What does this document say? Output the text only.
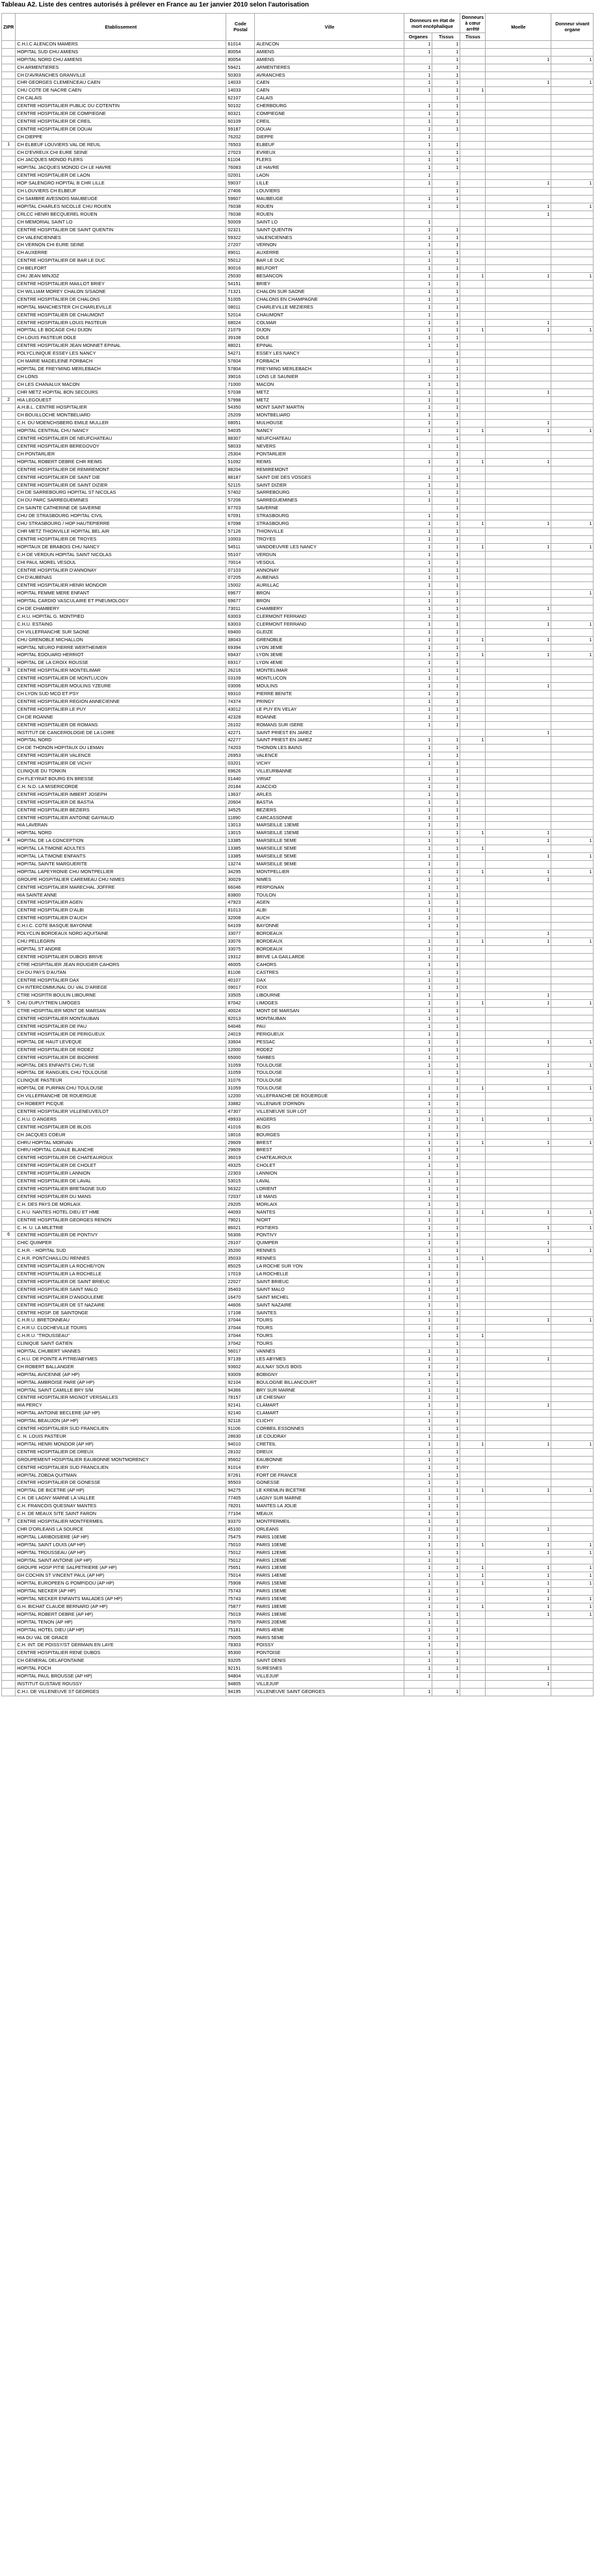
Tableau A2. Liste des centres autorisés à prélever en France au 1er janvier 2010 selon l'autorisation
ZIPR	Etablissement	Code Postal	Ville	Donneurs en état de mort encéphalique		Donneurs à cœur arrêté	Moelle	Donneur vivant organe
				Organes	Tissus	Tissus		
	C.H.I.C ALENCON MAMERS	61014	ALENCON	1	1			
	HOPITAL SUD CHU AMIENS	80054	AMIENS	1	1			
	HOPITAL NORD CHU AMIENS	80054	AMIENS		1		1	1
	CH ARMENTIERES	59421	ARMENTIERES	1	1			
	CH D'AVRANCHES GRANVILLE	50303	AVRANCHES	1	1			
	CHR GEORGES CLEMENCEAU CAEN	14033	CAEN	1	1		1	1
	CHU COTE DE NACRE CAEN	14033	CAEN	1	1	1		
	CH CALAIS	62107	CALAIS		1			
	CENTRE HOSPITALIER PUBLIC DU COTENTIN	50102	CHERBOURG	1	1			
	CENTRE HOSPITALIER DE COMPIEGNE	60321	COMPIEGNE	1	1			
	CENTRE HOSPITALIER DE CREIL	60109	CREIL	1	1			
	CENTRE HOSPITALIER DE DOUAI	59187	DOUAI	1	1			
	CH DIEPPE	76202	DIEPPE	1				
1	CH ELBEUF LOUVIERS VAL DE REUIL	76503	ELBEUF	1	1			
	CH D'EVREUX CHI EURE SEINE	27023	EVREUX	1	1			
	CH JACQUES MONOD FLERS	61104	FLERS	1	1			
	HOPITAL JACQUES MONOD CH LE HAVRE	76083	LE HAVRE	1	1			
	CENTRE HOSPITALIER DE LAON	02001	LAON	1				
	HOP SALENGRO HOPITAL B CHR LILLE	59037	LILLE	1	1		1	1
	CH LOUVIERS CH ELBEUF	27406	LOUVIERS		1			
	CH SAMBRE AVESNOIS MAUBEUGE	59607	MAUBEUGE	1	1			
	HOPITAL CHARLES NICOLLE CHU ROUEN	76038	ROUEN	1	1		1	1
	CRLCC HENRI BECQUEREL ROUEN	76038	ROUEN				1	
	CH MEMORIAL SAINT LO	50009	SAINT LO	1				
	CENTRE HOSPITALIER DE SAINT QUENTIN	02321	SAINT QUENTIN	1	1			
	CH VALENCIENNES	59322	VALENCIENNES	1	1			
	CH VERNON CHI EURE SEINE	27207	VERNON	1	1			
	CH AUXERRE	89011	AUXERRE	1	1			
	CENTRE HOSPITALIER DE BAR LE DUC	55012	BAR LE DUC	1	1			
	CH BELFORT	90016	BELFORT	1	1			
	CHU JEAN MINJOZ	25030	BESANCON	1	1	1	1	1
	CENTRE HOSPITALIER MAILLOT BRIEY	54151	BRIEY	1	1			
	CH WILLIAM MOREY CHALON S/SAONE	71321	CHALON SUR SAONE	1	1			
	CENTRE HOSPITALIER DE CHALONS	51005	CHALONS EN CHAMPAGNE	1	1			
	HOPITAL MANCHESTER CH CHARLEVILLE	08011	CHARLEVILLE MEZIERES	1	1			
	CENTRE HOSPITALIER DE CHAUMONT	52014	CHAUMONT	1	1			
	CENTRE HOSPITALIER LOUIS PASTEUR	68024	COLMAR	1	1		1	
	HOPITAL LE BOCAGE CHU DIJON	21079	DIJON	1	1	1	1	1
	CH LOUIS PASTEUR DOLE	39108	DOLE	1	1			
	CENTRE HOSPITALIER JEAN MONNET EPINAL	88021	EPINAL	1	1			
	POLYCLINIQUE ESSEY LES NANCY	54271	ESSEY LES NANCY		1			
	CH MARIE MADELEINE FORBACH	57604	FORBACH	1	1			
	HOPITAL DE FREYMING MERLEBACH	57804	FREYMING MERLEBACH		1			
	CH LONS	39016	LONS LE SAUNIER	1	1			
	CH LES CHANALUX MACON	71000	MACON	1	1			
	CHR METZ HOPITAL BON SECOURS	57038	METZ	1	1		1	
2	HIA LEGOUEST	57998	METZ	1	1			
	A.H.B.L. CENTRE HOSPITALIER	54350	MONT SAINT MARTIN	1	1			
	CH BOUILLOCHE MONTBELIARD	25209	MONTBELIARD	1	1			
	C.H. DU MOENCHSBERG EMILE MULLER	68051	MULHOUSE	1	1		1	
	HOPITAL CENTRAL CHU NANCY	54035	NANCY	1	1	1	1	1
	CENTRE HOSPITALIER DE NEUFCHATEAU	88307	NEUFCHATEAU		1			
	CENTRE HOSPITALIER BEREGOVOY	58033	NEVERS	1	1			
	CH PONTARLIER	25304	PONTARLIER		1			
	HOPITAL ROBERT DEBRE CHR REIMS	51092	REIMS	1	1	1	1	
	CENTRE HOSPITALIER DE REMIREMONT	88204	REMIREMONT		1			
	CENTRE HOSPITALIER DE SAINT DIE	88187	SAINT DIE DES VOSGES	1	1			
	CENTRE HOSPITALIER DE SAINT DIZIER	52115	SAINT DIZIER	1	1			
	CH DE SARREBOURG HOPITAL ST NICOLAS	57402	SARREBOURG	1	1			
	CH DU PARC SARREGUEMINES	57206	SARREGUEMINES	1	1			
	CH SAINTE CATHERINE DE SAVERNE	67703	SAVERNE		1			
	CHU DE STRASBOURG HOPITAL CIVIL	67091	STRASBOURG	1	1			
	CHU STRASBOURG / HOP HAUTEPIERRE	67098	STRASBOURG	1	1	1	1	1
	CHR METZ THIONVILLE HOPITAL BEL AIR	57126	THIONVILLE	1	1			
	CENTRE HOSPITALIER DE TROYES	10003	TROYES	1	1			
	HOPITAUX DE BRABOIS CHU NANCY	54511	VANDOEUVRE LES NANCY	1	1	1	1	1
	C.H DE VERDUN HOPITAL SAINT NICOLAS	55107	VERDUN	1	1			
	CHI PAUL MOREL VESOUL	70014	VESOUL	1	1			
	CENTRE HOSPITALIER D'ANNONAY	07103	ANNONAY	1	1			
	CH D'AUBENAS	07205	AUBENAS	1	1			
	CENTRE HOSPITALIER HENRI MONDOR	15002	AURILLAC	1	1			
	HOPITAL FEMME MERE ENFANT	69677	BRON	1	1			1
	HOPITAL CARDIO VASCULAIRE ET PNEUMOLOGY	69677	BRON	1	1			
	CH DE CHAMBERY	73011	CHAMBERY	1	1		1	
	C.H.U. HOPITAL G. MONTPIED	63003	CLERMONT FERRAND	1	1			
	C.H.U. ESTAING	63003	CLERMONT FERRAND	1	1		1	1
	CH VILLEFRANCHE SUR SAONE	69400	GLEIZE	1	1			
	CHU GRENOBLE MICHALLON	38043	GRENOBLE	1	1	1	1	1
	HOPITAL NEURO PIERRE WERTHEIMER	69394	LYON 3EME	1	1			
	HOPITAL EDOUARD HERRIOT	69437	LYON 3EME	1	1	1	1	1
	HOPITAL DE LA CROIX ROUSSE	69317	LYON 4EME	1	1			
3	CENTRE HOSPITALIER MONTELIMAR	26216	MONTELIMAR	1	1			
	CENTRE HOSPITALIER DE MONTLUCON	03109	MONTLUCON	1	1			
	CENTRE HOSPITALIER MOULINS YZEURE	03006	MOULINS	1	1		1	
	CH LYON SUD MCO ET PSY	69310	PIERRE BENITE	1	1			
	CENTRE HOSPITALIER REGION ANNECIENNE	74374	PRINGY	1	1			
	CENTRE HOSPITALIER LE PUY	43012	LE PUY EN VELAY	1	1			
	CH DE ROANNE	42328	ROANNE	1	1			
	CENTRE HOSPITALIER DE ROMANS	26102	ROMANS SUR ISERE	1	1			
	INSTITUT DE CANCEROLOGIE DE LA LOIRE	42271	SAINT PRIEST EN JAREZ				1	
	HOPITAL NORD	42277	SAINT PRIEST EN JAREZ	1	1	1		
	CH DE THONON HOPITAUX DU LEMAN	74203	THONON LES BAINS	1	1			
	CENTRE HOSPITALIER VALENCE	26953	VALENCE	1	1			
	CENTRE HOSPITALIER DE VICHY	03201	VICHY	1	1			
	CLINIQUE DU TONKIN	69626	VILLEURBANNE		1			
	CH FLEYRIAT BOURG EN BRESSE	01440	VIRIAT	1	1			
	C.H. N.D. LA MISERICORDE	20184	AJACCIO	1	1			
	CENTRE HOSPITALIER IMBERT JOSEPH	13637	ARLES	1	1			
	CENTRE HOSPITALIER DE BASTIA	20604	BASTIA	1	1			
	CENTRE HOSPITALIER BEZIERS	34525	BEZIERS	1	1			
	CENTRE HOSPITALIER ANTOINE GAYRAUD	11890	CARCASSONNE	1	1			
	HIA LAVERAN	13013	MARSEILLE 13EME	1	1			
	HOPITAL NORD	13015	MARSEILLE 15EME	1	1	1	1	
4	HOPITAL DE LA CONCEPTION	13385	MARSEILLE 5EME	1	1		1	1
	HOPITAL LA TIMONE ADULTES	13385	MARSEILLE 5EME	1	1	1		
	HOPITAL LA TIMONE ENFANTS	13385	MARSEILLE 5EME	1	1		1	1
	HOPITAL SAINTE MARGUERITE	13274	MARSEILLE 9EME	1	1			
	HOPITAL LAPEYRONIE CHU MONTPELLIER	34295	MONTPELLIER	1	1	1	1	1
	GROUPE HOSPITALIER CAREMEAU CHU NIMES	30029	NIMES	1	1		1	
	CENTRE HOSPITALIER MARECHAL JOFFRE	66046	PERPIGNAN	1	1			
	HIA SAINTE ANNE	83800	TOULON	1	1			
	CENTRE HOSPITALIER AGEN	47923	AGEN	1	1			
	CENTRE HOSPITALIER D'ALBI	81013	ALBI	1	1			
	CENTRE HOSPITALIER D'AUCH	32008	AUCH	1	1			
	C.H.I.C. COTE BASQUE BAYONNE	64109	BAYONNE	1	1			
	POLYCLIN BORDEAUX NORD AQUITAINE	33077	BORDEAUX		1		1	
	CHU PELLEGRIN	33076	BORDEAUX	1	1	1	1	1
	HOPITAL ST ANDRE	33075	BORDEAUX	1	1			
	CENTRE HOSPITALIER DUBOIS BRIVE	19312	BRIVE LA GAILLARDE	1	1			
	CTRE HOSPITALIER JEAN ROUGIER CAHORS	46005	CAHORS	1	1			
	CH DU PAYS D'AUTAN	81108	CASTRES	1	1			
	CENTRE HOSPITALIER DAX	40107	DAX	1	1			
	CH INTERCOMMUNAL DU VAL D'ARIEGE	09017	FOIX	1	1			
	CTRE HOSPITR BOULIN LIBOURNE	33505	LIBOURNE	1	1		1	
5	CHU DUPUYTREN LIMOGES	87042	LIMOGES	1	1	1	1	1
	CTRE HOSPITALIER MONT DE MARSAN	40024	MONT DE MARSAN	1	1			
	CENTRE HOSPITALIER MONTAUBAN	82013	MONTAUBAN	1	1			
	CENTRE HOSPITALIER DE PAU	64046	PAU	1	1			
	CENTRE HOSPITALIER DE PERIGUEUX	24019	PERIGUEUX	1	1			
	HOPITAL DE HAUT LEVEQUE	33604	PESSAC	1	1		1	1
	CENTRE HOSPITALIER DE RODEZ	12000	RODEZ	1	1			
	CENTRE HOSPITALIER DE BIGORRE	65000	TARBES	1	1			
	HOPITAL DES ENFANTS CHU TLSE	31059	TOULOUSE	1	1		1	1
	HOPITAL DE RANGUEIL CHU TOULOUSE	31059	TOULOUSE	1	1		1	
	CLINIQUE PASTEUR	31076	TOULOUSE		1			
	HOPITAL DE PURPAN CHU TOULOUSE	31059	TOULOUSE	1	1	1	1	1
	CH VILLEFRANCHE DE ROUERGUE	12200	VILLEFRANCHE DE ROUERGUE	1	1			
	CH ROBERT PICQUE	33882	VILLENAVE D'ORNON	1	1			
	CENTRE HOSPITALIER VILLENEUVE/LOT	47307	VILLENEUVE SUR LOT	1	1			
	C.H.U. D ANGERS	49933	ANGERS	1	1	1	1	1
	CENTRE HOSPITALIER DE BLOIS	41016	BLOIS	1	1			
	CH JACQUES COEUR	18016	BOURGES	1	1			
	CHRU HOPITAL MORVAN	29609	BREST	1	1	1	1	1
	CHRU HOPITAL CAVALE BLANCHE	29609	BREST	1	1			
	CENTRE HOSPITALIER DE CHATEAUROUX	36019	CHATEAUROUX	1	1			
	CENTRE HOSPITALIER DE CHOLET	49325	CHOLET	1	1			
	CENTRE HOSPITALIER LANNION	22303	LANNION	1	1			
	CENTRE HOSPITALIER DE LAVAL	53015	LAVAL	1	1			
	CENTRE HOSPITALIER BRETAGNE SUD	56322	LORIENT	1	1			
	CENTRE HOSPITALIER DU MANS	72037	LE MANS	1	1			
	C.H. DES PAYS DE MORLAIX	29205	MORLAIX	1	1			
	C.H.U. NANTES HOTEL DIEU ET HME	44093	NANTES	1	1	1	1	1
	CENTRE HOSPITALIER GEORGES RENON	79021	NIORT	1	1			
	C. H. U. LA MILETRIE	86021	POITIERS	1	1		1	1
6	CENTRE HOSPITALIER DE PONTIVY	56306	PONTIVY	1	1			
	CHIC QUIMPER	29107	QUIMPER	1	1		1	
	C.H.R. - HOPITAL SUD	35200	RENNES	1	1		1	1
	C.H.R. PONTCHAILLOU RENNES	35033	RENNES	1	1	1		
	CENTRE HOSPITALIER LA ROCHE/YON	85025	LA ROCHE SUR YON	1	1			
	CENTRE HOSPITALIER LA ROCHELLE	17019	LA ROCHELLE	1	1			
	CENTRE HOSPITALIER DE SAINT BRIEUC	22027	SAINT BRIEUC	1	1			
	CENTRE HOSPITALIER SAINT MALO	35403	SAINT MALO	1	1			
	CENTRE HOSPITALIER D'ANGOULEME	16470	SAINT MICHEL	1	1			
	CENTRE HOSPITALIER DE ST NAZAIRE	44606	SAINT NAZAIRE	1	1			
	CENTRE HOSP. DE SAINTONGE	17108	SAINTES	1	1			
	C.H.R.U. BRETONNEAU	37044	TOURS	1	1		1	1
	C.H.R.U. CLOCHEVILLE TOURS	37044	TOURS	1	1			
	C.H.R.U. "TROUSSEAU"	37044	TOURS	1	1	1		
	CLINIQUE SAINT GATIEN	37042	TOURS		1			
	HOPITAL CHUBERT VANNES	56017	VANNES	1	1			
	C.H.U. DE POINTE A PITRE/ABYMES	97139	LES ABYMES	1	1		1	
	CH ROBERT BALLANGER	93602	AULNAY SOUS BOIS	1	1			
	HOPITAL AVICENNE (AP HP)	93009	BOBIGNY	1	1			
	HOPITAL AMBROISE PARE (AP HP)	92104	BOULOGNE BILLANCOURT	1	1			
	HOPITAL SAINT CAMILLE BRY S/M	94366	BRY SUR MARNE	1	1			
	CENTRE HOSPITALIER MIGNOT VERSAILLES	78157	LE CHESNAY	1	1			
	HIA PERCY	92141	CLAMART	1	1		1	
	HOPITAL ANTOINE BECLERE (AP HP)	92140	CLAMART	1	1			
	HOPITAL BEAUJON (AP HP)	92118	CLICHY	1	1			
	CENTRE HOSPITALIER SUD FRANCILIEN	91106	CORBEIL ESSONNES	1	1			
	C. H. LOUIS PASTEUR	28630	LE COUDRAY	1	1			
	HOPITAL HENRI MONDOR (AP HP)	94010	CRETEIL	1	1	1	1	1
	CENTRE HOSPITALIER DE DREUX	28102	DREUX	1	1			
	GROUPEMENT HOSPITALIER EAUBONNE MONTMORENCY	95602	EAUBONNE	1	1			
	CENTRE HOSPITALIER SUD FRANCILIEN	91014	EVRY	1	1			
	HOPITAL ZOBDA QUITMAN	97261	FORT DE FRANCE	1	1			
	CENTRE HOSPITALIER DE GONESSE	95503	GONESSE	1	1			
	HOPITAL DE BICETRE (AP HP)	94275	LE KREMLIN BICETRE	1	1	1	1	1
	C.H. DE LAGNY MARNE LA VALLEE	77405	LAGNY SUR MARNE	1	1			
	C.H. FRANCOIS QUESNAY MANTES	78201	MANTES LA JOLIE	1	1			
	C.H. DE MEAUX SITE SAINT FARON	77104	MEAUX	1	1			
7	CENTRE HOSPITALIER MONTFERMEIL	93370	MONTFERMEIL	1	1			
	CHR D'ORLEANS LA SOURCE	45100	ORLEANS	1	1		1	
	HOPITAL LARIBOISIERE (AP HP)	75475	PARIS 10EME	1	1			
	HOPITAL SAINT LOUIS (AP HP)	75010	PARIS 10EME	1	1	1	1	1
	HOPITAL TROUSSEAU (AP HP)	75012	PARIS 12EME	1	1		1	1
	HOPITAL SAINT ANTOINE (AP HP)	75012	PARIS 12EME	1	1			
	GROUPE HOSP PITIE SALPETRIERE (AP HP)	75651	PARIS 13EME	1	1	1	1	1
	GH COCHIN ST VINCENT PAUL (AP HP)	75014	PARIS 14EME	1	1	1	1	1
	HOPITAL EUROPEEN G POMPIDOU (AP HP)	75908	PARIS 15EME	1	1	1	1	1
	HOPITAL NECKER (AP HP)	75743	PARIS 15EME	1	1		1	
	HOPITAL NECKER ENFANTS MALADES (AP HP)	75743	PARIS 15EME	1	1		1	1
	G.H. BICHAT CLAUDE BERNARD (AP HP)	75877	PARIS 18EME	1	1	1	1	1
	HOPITAL ROBERT DEBRE (AP HP)	75019	PARIS 19EME	1	1		1	1
	HOPITAL TENON (AP HP)	75970	PARIS 20EME	1	1			
	HOPITAL HOTEL DIEU (AP HP)	75181	PARIS 4EME	1	1			
	HIA DU VAL DE GRACE	75005	PARIS 5EME	1	1			
	C.H. INT. DE POISSY/ST GERMAIN EN LAYE	78303	POISSY	1	1			
	CENTRE HOSPITALIER RENE DUBOS	95300	PONTOISE	1	1			
	CH GENERAL DELAFONTAINE	93205	SAINT DENIS	1	1			
	HOPITAL FOCH	92151	SURESNES	1	1		1	
	HOPITAL PAUL BROUSSE (AP HP)	94804	VILLEJUIF	1	1			
	INSTITUT GUSTAVE ROUSSY	94805	VILLEJUIF				1	
	C.H.I. DE VILLENEUVE ST GEORGES	94195	VILLENEUVE SAINT GEORGES	1	1			
